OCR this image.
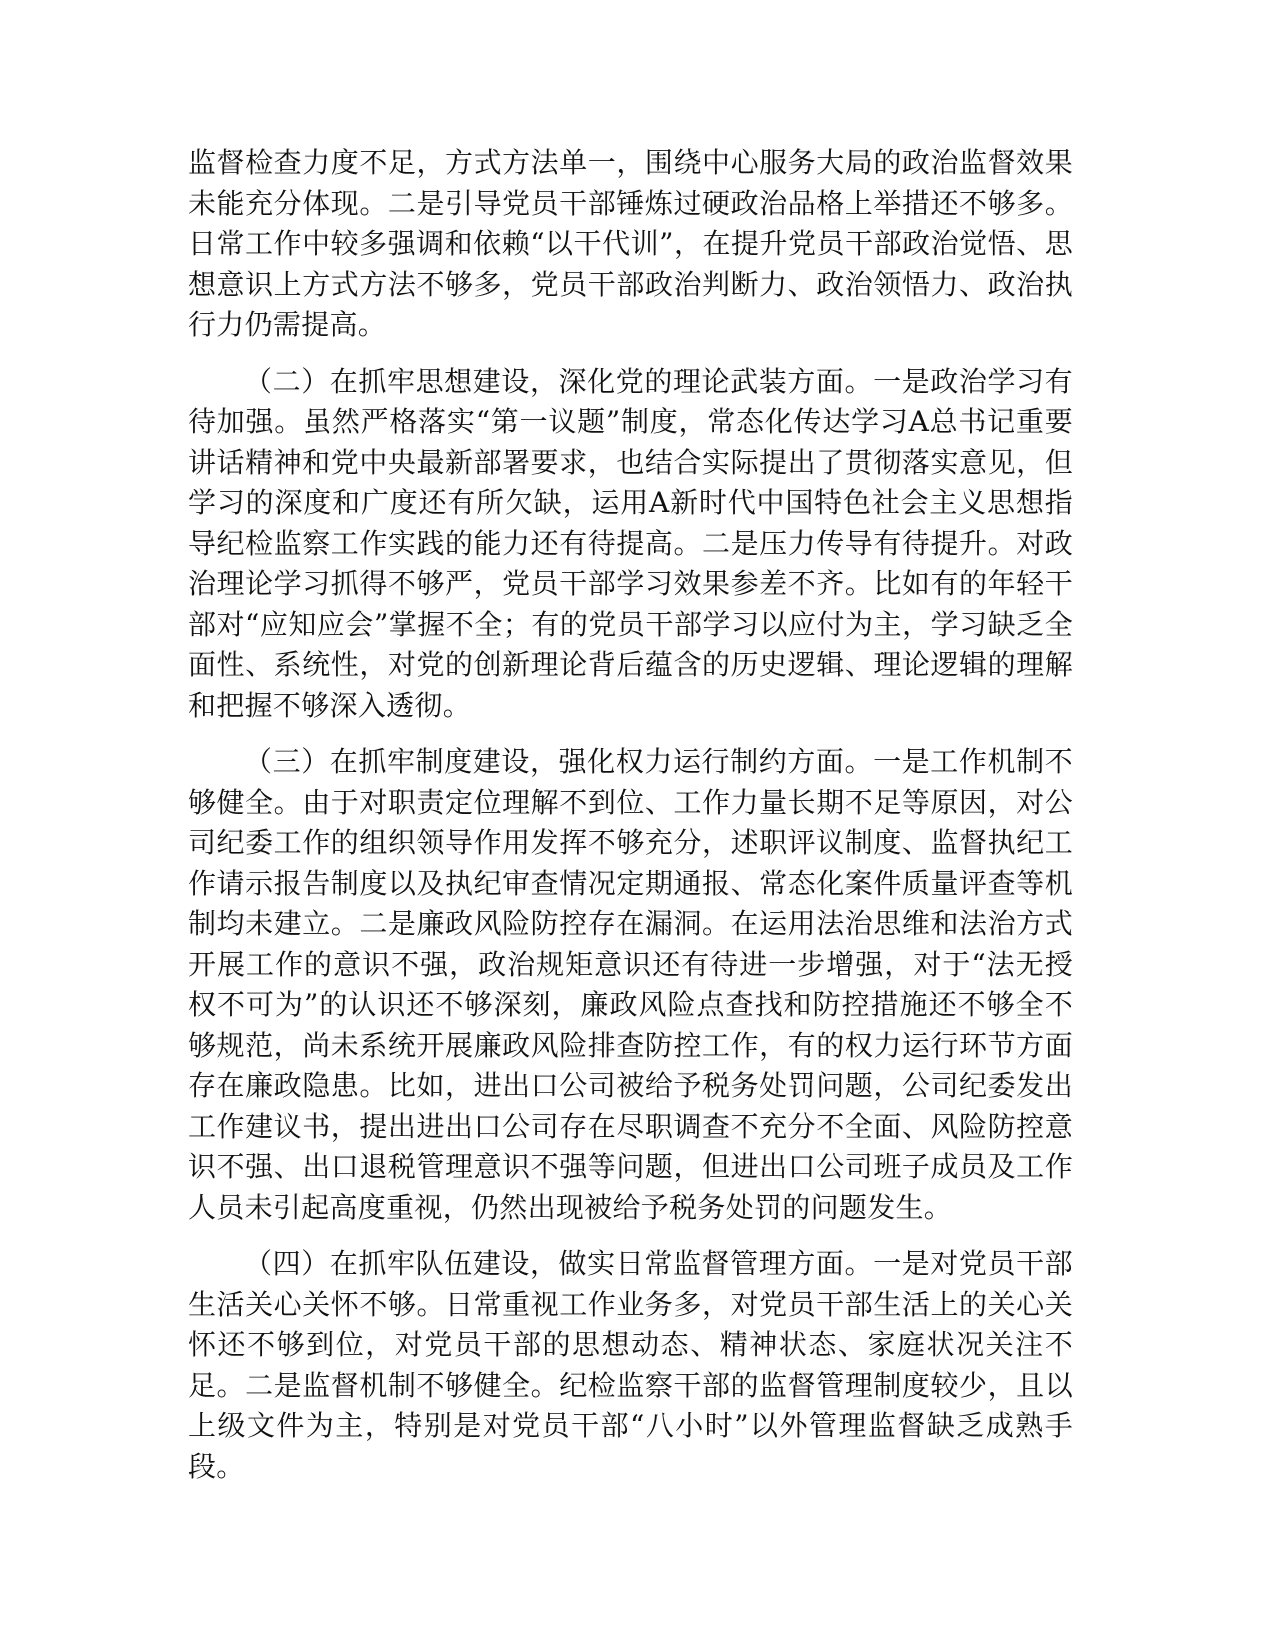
监督检查力度不足，方式方法单一，围绕中心服务大局的政治监督效果未能充分体现。二是引导党员干部锤炼过硬政治品格上举措还不够多。日常工作中较多强调和依赖“以干代训”，在提升党员干部政治觉悟、思想意识上方式方法不够多，党员干部政治判断力、政治领悟力、政治执行力仍需提高。

（二）在抓牢思想建设，深化党的理论武装方面。一是政治学习有待加强。虽然严格落实“第一议题”制度，常态化传达学习A总书记重要讲话精神和党中央最新部署要求，也结合实际提出了贯彻落实意见，但学习的深度和广度还有所欠缺，运用A新时代中国特色社会主义思想指导纪检监察工作实践的能力还有待提高。二是压力传导有待提升。对政治理论学习抓得不够严，党员干部学习效果参差不齐。比如有的年轻干部对“应知应会”掌握不全；有的党员干部学习以应付为主，学习缺乏全面性、系统性，对党的创新理论背后蕴含的历史逻辑、理论逻辑的理解和把握不够深入透彻。

（三）在抓牢制度建设，强化权力运行制约方面。一是工作机制不够健全。由于对职责定位理解不到位、工作力量长期不足等原因，对公司纪委工作的组织领导作用发挥不够充分，述职评议制度、监督执纪工作请示报告制度以及执纪审查情况定期通报、常态化案件质量评查等机制均未建立。二是廉政风险防控存在漏洞。在运用法治思维和法治方式开展工作的意识不强，政治规矩意识还有待进一步增强，对于“法无授权不可为”的认识还不够深刻，廉政风险点查找和防控措施还不够全不够规范，尚未系统开展廉政风险排查防控工作，有的权力运行环节方面存在廉政隐患。比如，进出口公司被给予税务处罚问题，公司纪委发出工作建议书，提出进出口公司存在尽职调查不充分不全面、风险防控意识不强、出口退税管理意识不强等问题，但进出口公司班子成员及工作人员未引起高度重视，仍然出现被给予税务处罚的问题发生。

（四）在抓牢队伍建设，做实日常监督管理方面。一是对党员干部生活关心关怀不够。日常重视工作业务多，对党员干部生活上的关心关怀还不够到位，对党员干部的思想动态、精神状态、家庭状况关注不足。二是监督机制不够健全。纪检监察干部的监督管理制度较少，且以上级文件为主，特别是对党员干部“八小时”以外管理监督缺乏成熟手段。
